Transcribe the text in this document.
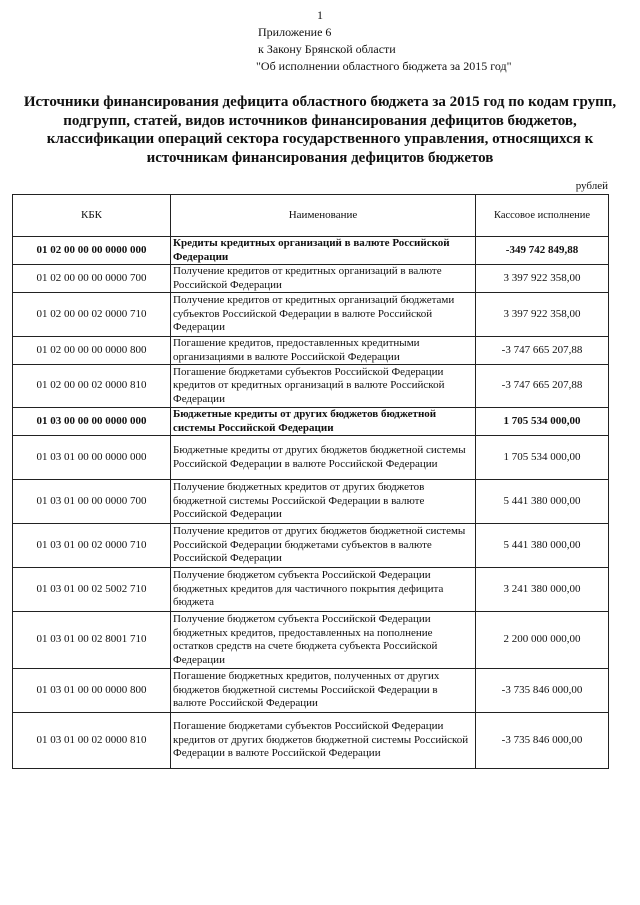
1
Приложение 6
к Закону Брянской области
"Об исполнении областного бюджета за 2015 год"
Источники финансирования дефицита областного бюджета за 2015 год по кодам групп, подгрупп, статей, видов источников финансирования дефицитов бюджетов, классификации операций сектора государственного управления, относящихся к источникам финансирования дефицитов бюджетов
рублей
КБК	Наименование	Кассовое исполнение
01 02 00 00 00 0000 000	Кредиты кредитных организаций в валюте Российской Федерации	-349 742 849,88
01 02 00 00 00 0000 700	Получение кредитов от кредитных организаций в валюте Российской Федерации	3 397 922 358,00
01 02 00 00 02 0000 710	Получение кредитов от кредитных организаций бюджетами субъектов Российской Федерации в валюте Российской Федерации	3 397 922 358,00
01 02 00 00 00 0000 800	Погашение кредитов, предоставленных кредитными организациями в валюте Российской Федерации	-3 747 665 207,88
01 02 00 00 02 0000 810	Погашение бюджетами субъектов Российской Федерации кредитов от кредитных организаций в валюте Российской Федерации	-3 747 665 207,88
01 03 00 00 00 0000 000	Бюджетные кредиты от других бюджетов бюджетной системы Российской Федерации	1 705 534 000,00
01 03 01 00 00 0000 000	Бюджетные кредиты от других бюджетов бюджетной системы Российской Федерации в валюте Российской Федерации	1 705 534 000,00
01 03 01 00 00 0000 700	Получение бюджетных кредитов от других бюджетов бюджетной системы Российской Федерации в валюте Российской Федерации	5 441 380 000,00
01 03 01 00 02 0000 710	Получение кредитов от других бюджетов бюджетной системы Российской Федерации бюджетами субъектов в валюте Российской Федерации	5 441 380 000,00
01 03 01 00 02 5002 710	Получение бюджетом субъекта Российской Федерации бюджетных кредитов для частичного покрытия дефицита бюджета	3 241 380 000,00
01 03 01 00 02 8001 710	Получение бюджетом субъекта Российской Федерации бюджетных кредитов, предоставленных на пополнение остатков средств на счете бюджета субъекта Российской Федерации	2 200 000 000,00
01 03 01 00 00 0000 800	Погашение бюджетных кредитов, полученных от других бюджетов бюджетной системы Российской Федерации в валюте Российской Федерации	-3 735 846 000,00
01 03 01 00 02 0000 810	Погашение бюджетами субъектов Российской Федерации кредитов от других бюджетов бюджетной системы Российской Федерации в валюте Российской Федерации	-3 735 846 000,00
